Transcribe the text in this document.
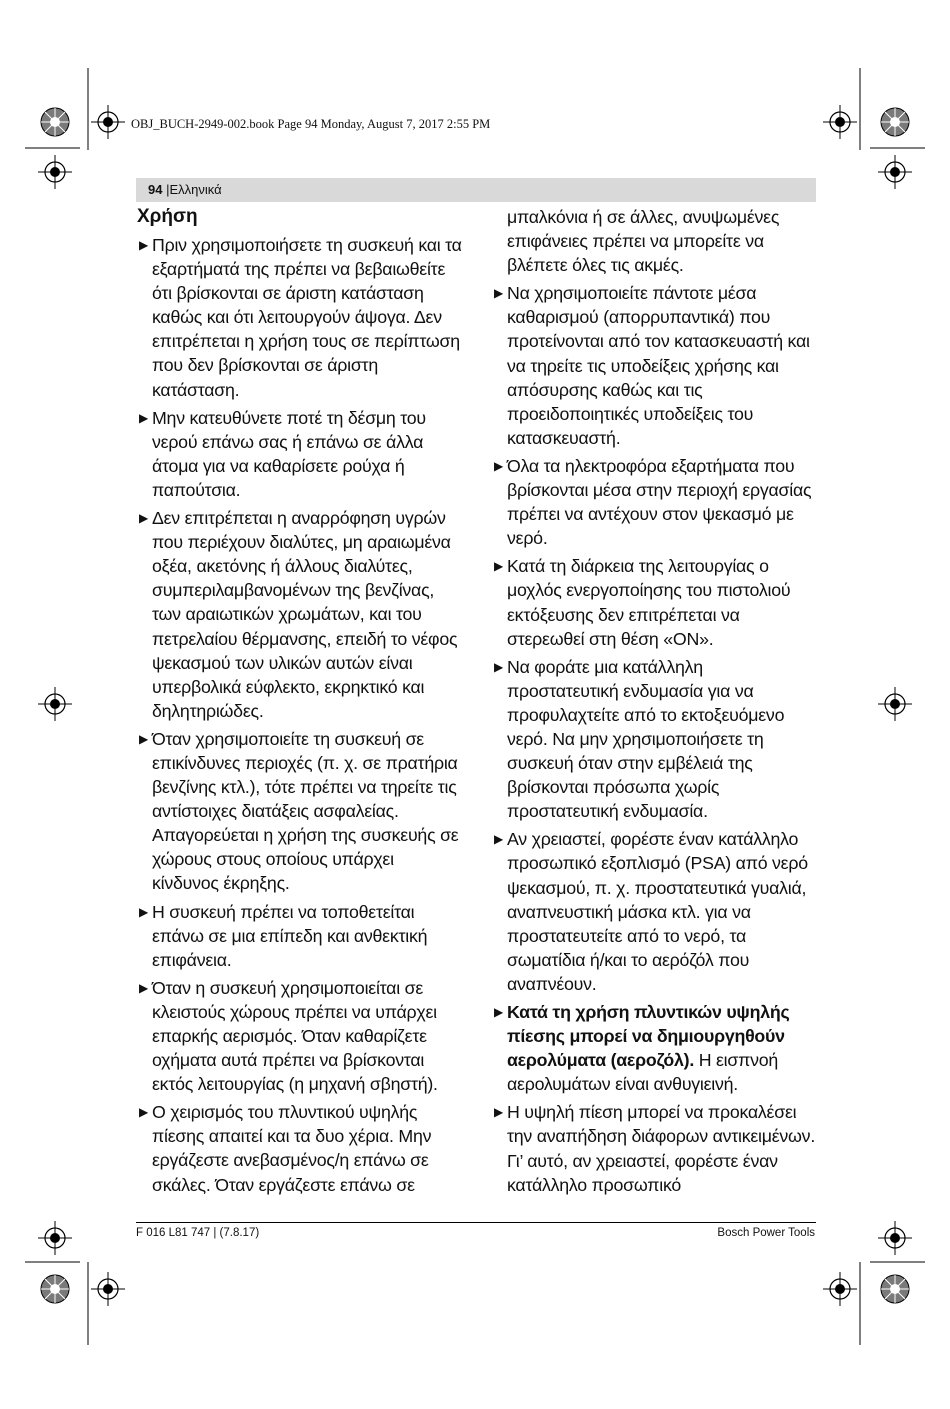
OBJ_BUCH-2949-002.book Page 94 Monday, August 7, 2017 2:55 PM
94 |Ελληνικά
Χρήση
▶ Πριν χρησιμοποιήσετε τη συσκευή και τα εξαρτήματά της πρέπει να βεβαιωθείτε ότι βρίσκονται σε άριστη κατάσταση καθώς και ότι λειτουργούν άψογα. Δεν επιτρέπεται η χρήση τους σε περίπτωση που δεν βρίσκονται σε άριστη κατάσταση.
▶ Μην κατευθύνετε ποτέ τη δέσμη του νερού επάνω σας ή επάνω σε άλλα άτομα για να καθαρίσετε ρούχα ή παπούτσια.
▶ Δεν επιτρέπεται η αναρρόφηση υγρών που περιέχουν διαλύτες, μη αραιωμένα οξέα, ακετόνης ή άλλους διαλύτες, συμπεριλαμβανομένων της βενζίνας, των αραιωτικών χρωμάτων, και του πετρελαίου θέρμανσης, επειδή το νέφος ψεκασμού των υλικών αυτών είναι υπερβολικά εύφλεκτο, εκρηκτικό και δηλητηριώδες.
▶ Όταν χρησιμοποιείτε τη συσκευή σε επικίνδυνες περιοχές (π. χ. σε πρατήρια βενζίνης κτλ.), τότε πρέπει να τηρείτε τις αντίστοιχες διατάξεις ασφαλείας. Απαγορεύεται η χρήση της συσκευής σε χώρους στους οποίους υπάρχει κίνδυνος έκρηξης.
▶ Η συσκευή πρέπει να τοποθετείται επάνω σε μια επίπεδη και ανθεκτική επιφάνεια.
▶ Όταν η συσκευή χρησιμοποιείται σε κλειστούς χώρους πρέπει να υπάρχει επαρκής αερισμός. Όταν καθαρίζετε οχήματα αυτά πρέπει να βρίσκονται εκτός λειτουργίας (η μηχανή σβηστή).
▶ Ο χειρισμός του πλυντικού υψηλής πίεσης απαιτεί και τα δυο χέρια. Μην εργάζεστε ανεβασμένος/η επάνω σε σκάλες. Όταν εργάζεστε επάνω σε
μπαλκόνια ή σε άλλες, ανυψωμένες επιφάνειες πρέπει να μπορείτε να βλέπετε όλες τις ακμές.
▶ Να χρησιμοποιείτε πάντοτε μέσα καθαρισμού (απορρυπαντικά) που προτείνονται από τον κατασκευαστή και να τηρείτε τις υποδείξεις χρήσης και απόσυρσης καθώς και τις προειδοποιητικές υποδείξεις του κατασκευαστή.
▶ Όλα τα ηλεκτροφόρα εξαρτήματα που βρίσκονται μέσα στην περιοχή εργασίας πρέπει να αντέχουν στον ψεκασμό με νερό.
▶ Κατά τη διάρκεια της λειτουργίας ο μοχλός ενεργοποίησης του πιστολιού εκτόξευσης δεν επιτρέπεται να στερεωθεί στη θέση «ON».
▶ Να φοράτε μια κατάλληλη προστατευτική ενδυμασία για να προφυλαχτείτε από το εκτοξευόμενο νερό. Να μην χρησιμοποιήσετε τη συσκευή όταν στην εμβέλειά της βρίσκονται πρόσωπα χωρίς προστατευτική ενδυμασία.
▶ Αν χρειαστεί, φορέστε έναν κατάλληλο προσωπικό εξοπλισμό (PSA) από νερό ψεκασμού, π. χ. προστατευτικά γυαλιά, αναπνευστική μάσκα κτλ. για να προστατευτείτε από το νερό, τα σωματίδια ή/και το αερόζόλ που αναπνέουν.
▶ Κατά τη χρήση πλυντικών υψηλής πίεσης μπορεί να δημιουργηθούν αερολύματα (αεροζόλ). Η εισπνοή αερολυμάτων είναι ανθυγιεινή.
▶ Η υψηλή πίεση μπορεί να προκαλέσει την αναπήδηση διάφορων αντικειμένων. Γι’ αυτό, αν χρειαστεί, φορέστε έναν κατάλληλο προσωπικό
F 016 L81 747 | (7.8.17)	Bosch Power Tools
